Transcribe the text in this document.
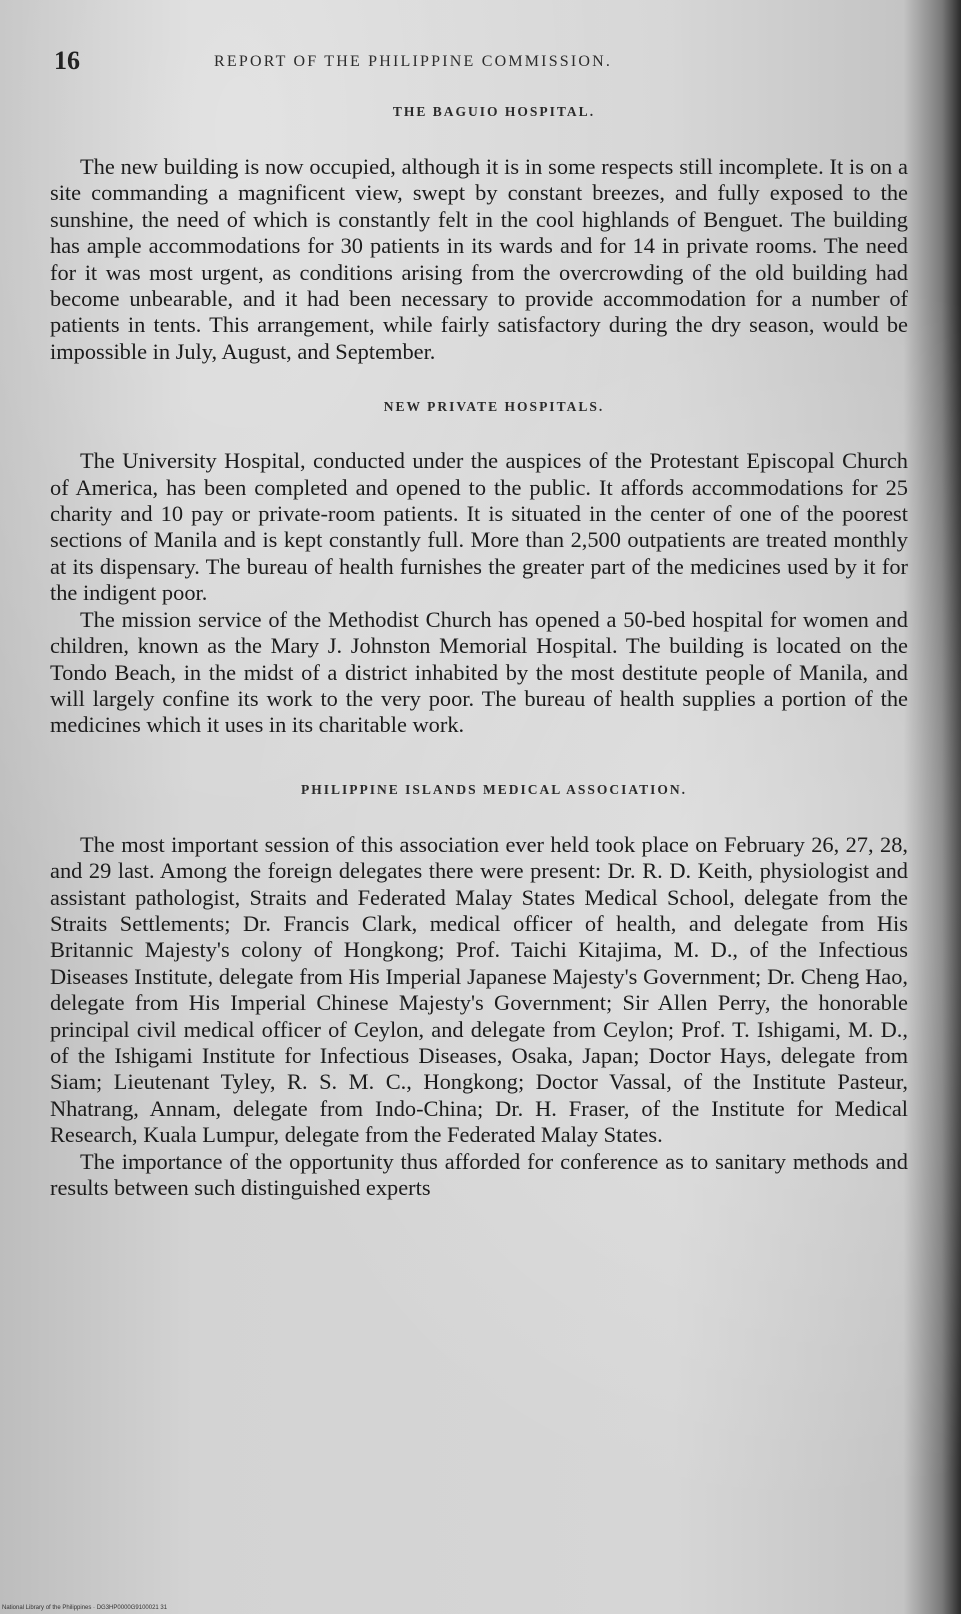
16	REPORT OF THE PHILIPPINE COMMISSION.
THE BAGUIO HOSPITAL.

The new building is now occupied, although it is in some respects still incomplete. It is on a site commanding a magnificent view, swept by constant breezes, and fully exposed to the sunshine, the need of which is constantly felt in the cool highlands of Benguet. The building has ample accommodations for 30 patients in its wards and for 14 in private rooms. The need for it was most urgent, as conditions arising from the overcrowding of the old building had become unbearable, and it had been necessary to provide accommodation for a number of patients in tents. This arrangement, while fairly satisfactory during the dry season, would be impossible in July, August, and September.

NEW PRIVATE HOSPITALS.

The University Hospital, conducted under the auspices of the Protestant Episcopal Church of America, has been completed and opened to the public. It affords accommodations for 25 charity and 10 pay or private-room patients. It is situated in the center of one of the poorest sections of Manila and is kept constantly full. More than 2,500 outpatients are treated monthly at its dispensary. The bureau of health furnishes the greater part of the medicines used by it for the indigent poor.

The mission service of the Methodist Church has opened a 50-bed hospital for women and children, known as the Mary J. Johnston Memorial Hospital. The building is located on the Tondo Beach, in the midst of a district inhabited by the most destitute people of Manila, and will largely confine its work to the very poor. The bureau of health supplies a portion of the medicines which it uses in its charitable work.

PHILIPPINE ISLANDS MEDICAL ASSOCIATION.

The most important session of this association ever held took place on February 26, 27, 28, and 29 last. Among the foreign delegates there were present: Dr. R. D. Keith, physiologist and assistant pathologist, Straits and Federated Malay States Medical School, delegate from the Straits Settlements; Dr. Francis Clark, medical officer of health, and delegate from His Britannic Majesty's colony of Hongkong; Prof. Taichi Kitajima, M. D., of the Infectious Diseases Institute, delegate from His Imperial Japanese Majesty's Government; Dr. Cheng Hao, delegate from His Imperial Chinese Majesty's Government; Sir Allen Perry, the honorable principal civil medical officer of Ceylon, and delegate from Ceylon; Prof. T. Ishigami, M. D., of the Ishigami Institute for Infectious Diseases, Osaka, Japan; Doctor Hays, delegate from Siam; Lieutenant Tyley, R. S. M. C., Hongkong; Doctor Vassal, of the Institute Pasteur, Nhatrang, Annam, delegate from Indo-China; Dr. H. Fraser, of the Institute for Medical Research, Kuala Lumpur, delegate from the Federated Malay States.

The importance of the opportunity thus afforded for conference as to sanitary methods and results between such distinguished experts

National Library of the Philippines · DG3HP0000G9100021 31
